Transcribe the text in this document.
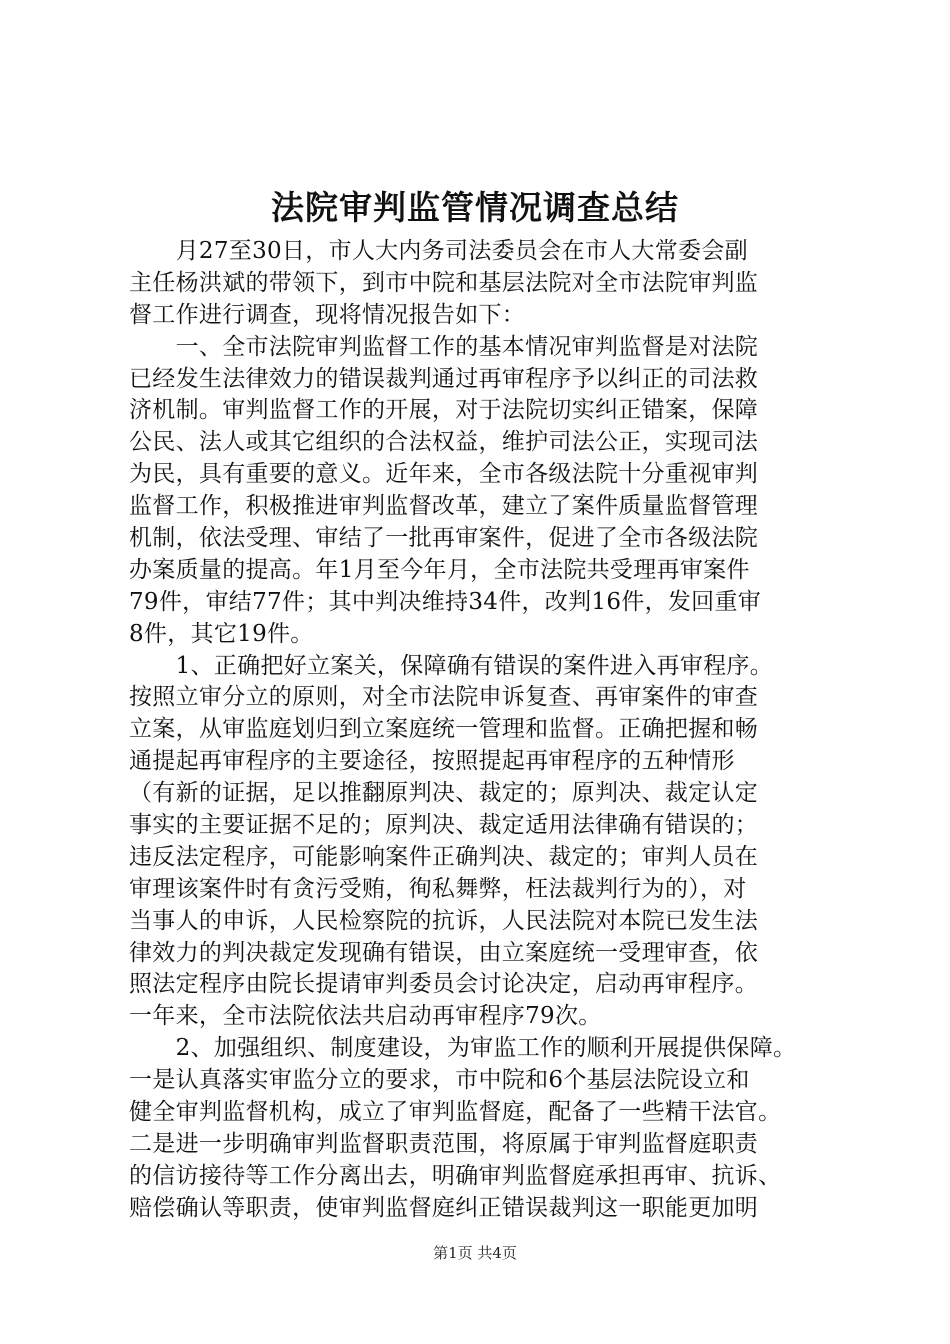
法院审判监管情况调查总结
　　月27至30日，市人大内务司法委员会在市人大常委会副
主任杨洪斌的带领下，到市中院和基层法院对全市法院审判监
督工作进行调查，现将情况报告如下：
　　一、全市法院审判监督工作的基本情况审判监督是对法院
已经发生法律效力的错误裁判通过再审程序予以纠正的司法救
济机制。审判监督工作的开展，对于法院切实纠正错案，保障
公民、法人或其它组织的合法权益，维护司法公正，实现司法
为民，具有重要的意义。近年来，全市各级法院十分重视审判
监督工作，积极推进审判监督改革，建立了案件质量监督管理
机制，依法受理、审结了一批再审案件，促进了全市各级法院
办案质量的提高。年1月至今年月，全市法院共受理再审案件
79件，审结77件；其中判决维持34件，改判16件，发回重审
8件，其它19件。
　　1、正确把好立案关，保障确有错误的案件进入再审程序。
按照立审分立的原则，对全市法院申诉复查、再审案件的审查
立案，从审监庭划归到立案庭统一管理和监督。正确把握和畅
通提起再审程序的主要途径，按照提起再审程序的五种情形
（有新的证据，足以推翻原判决、裁定的；原判决、裁定认定
事实的主要证据不足的；原判决、裁定适用法律确有错误的；
违反法定程序，可能影响案件正确判决、裁定的；审判人员在
审理该案件时有贪污受贿，徇私舞弊，枉法裁判行为的），对
当事人的申诉，人民检察院的抗诉，人民法院对本院已发生法
律效力的判决裁定发现确有错误，由立案庭统一受理审查，依
照法定程序由院长提请审判委员会讨论决定，启动再审程序。
一年来，全市法院依法共启动再审程序79次。
　　2、加强组织、制度建设，为审监工作的顺利开展提供保障。
一是认真落实审监分立的要求，市中院和6个基层法院设立和
健全审判监督机构，成立了审判监督庭，配备了一些精干法官。
二是进一步明确审判监督职责范围，将原属于审判监督庭职责
的信访接待等工作分离出去，明确审判监督庭承担再审、抗诉、
赔偿确认等职责，使审判监督庭纠正错误裁判这一职能更加明
第1页 共4页
